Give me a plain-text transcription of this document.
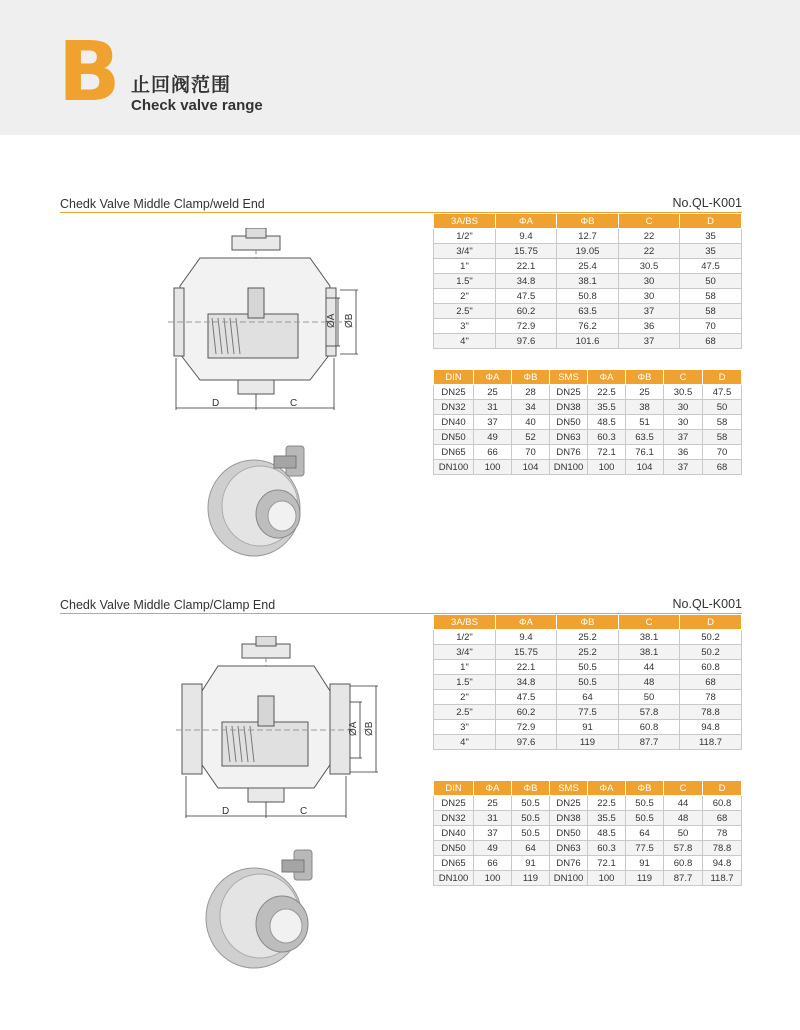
B 止回阀范围
Check valve range
Chedk Valve Middle Clamp/weld End	No.QL-K001
D	C
ØA ØB
3A/BS	ΦA	ΦB	C	D
1/2"	9.4	12.7	22	35
3/4"	15.75	19.05	22	35
1"	22.1	25.4	30.5	47.5
1.5"	34.8	38.1	30	50
2"	47.5	50.8	30	58
2.5"	60.2	63.5	37	58
3"	72.9	76.2	36	70
4"	97.6	101.6	37	68
DIN	ΦA	ΦB	SMS	ΦA	ΦB	C	D
DN25	25	28	DN25	22.5	25	30.5	47.5
DN32	31	34	DN38	35.5	38	30	50
DN40	37	40	DN50	48.5	51	30	58
DN50	49	52	DN63	60.3	63.5	37	58
DN65	66	70	DN76	72.1	76.1	36	70
DN100	100	104	DN100	100	104	37	68
Chedk Valve Middle Clamp/Clamp End	No.QL-K001
D	C
ØA ØB
3A/BS	ΦA	ΦB	C	D
1/2"	9.4	25.2	38.1	50.2
3/4"	15.75	25.2	38.1	50.2
1"	22.1	50.5	44	60.8
1.5"	34.8	50.5	48	68
2"	47.5	64	50	78
2.5"	60.2	77.5	57.8	78.8
3"	72.9	91	60.8	94.8
4"	97.6	119	87.7	118.7
DIN	ΦA	ΦB	SMS	ΦA	ΦB	C	D
DN25	25	50.5	DN25	22.5	50.5	44	60.8
DN32	31	50.5	DN38	35.5	50.5	48	68
DN40	37	50.5	DN50	48.5	64	50	78
DN50	49	64	DN63	60.3	77.5	57.8	78.8
DN65	66	91	DN76	72.1	91	60.8	94.8
DN100	100	119	DN100	100	119	87.7	118.7
